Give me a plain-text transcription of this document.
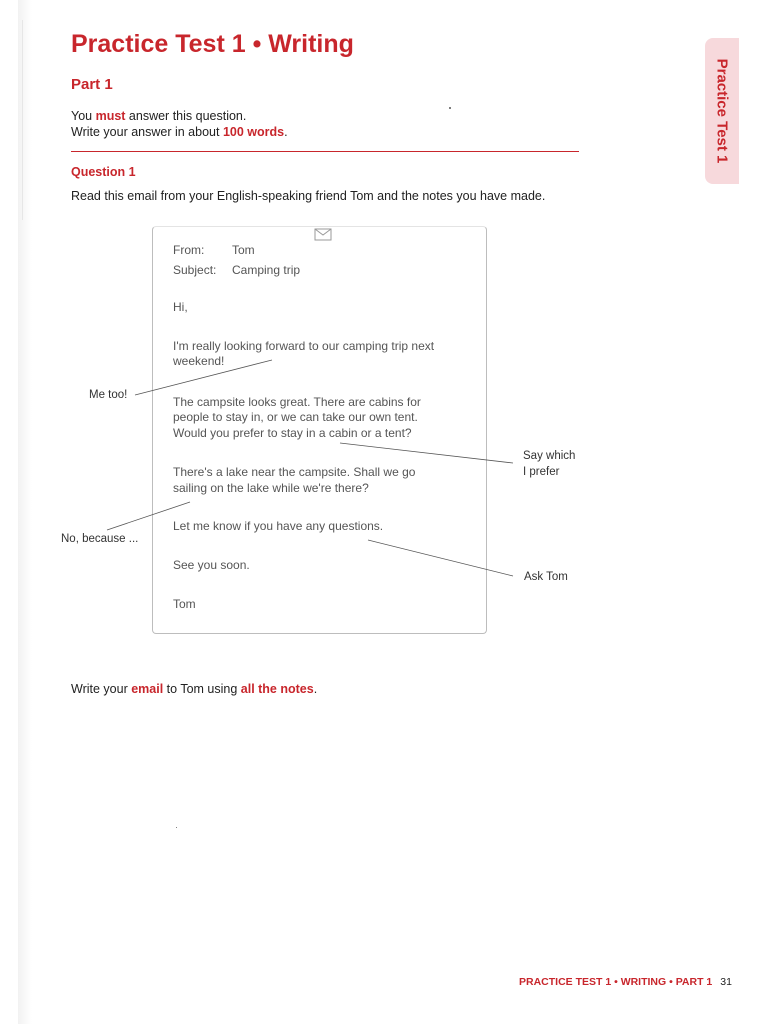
Practice Test 1 • Writing
Part 1	Practice Test 1
You must answer this question.
Write your answer in about 100 words.
Question 1
Read this email from your English-speaking friend Tom and the notes you have made.
From: Tom
Subject: Camping trip
Hi,
I'm really looking forward to our camping trip next
weekend!
The campsite looks great. There are cabins for
people to stay in, or we can take our own tent.
Would you prefer to stay in a cabin or a tent?
There's a lake near the campsite. Shall we go
sailing on the lake while we're there?
Let me know if you have any questions.
See you soon.
Tom
Me too!
Say which
I prefer
No, because ...
Ask Tom
Write your email to Tom using all the notes.
PRACTICE TEST 1 • WRITING • PART 1 31
